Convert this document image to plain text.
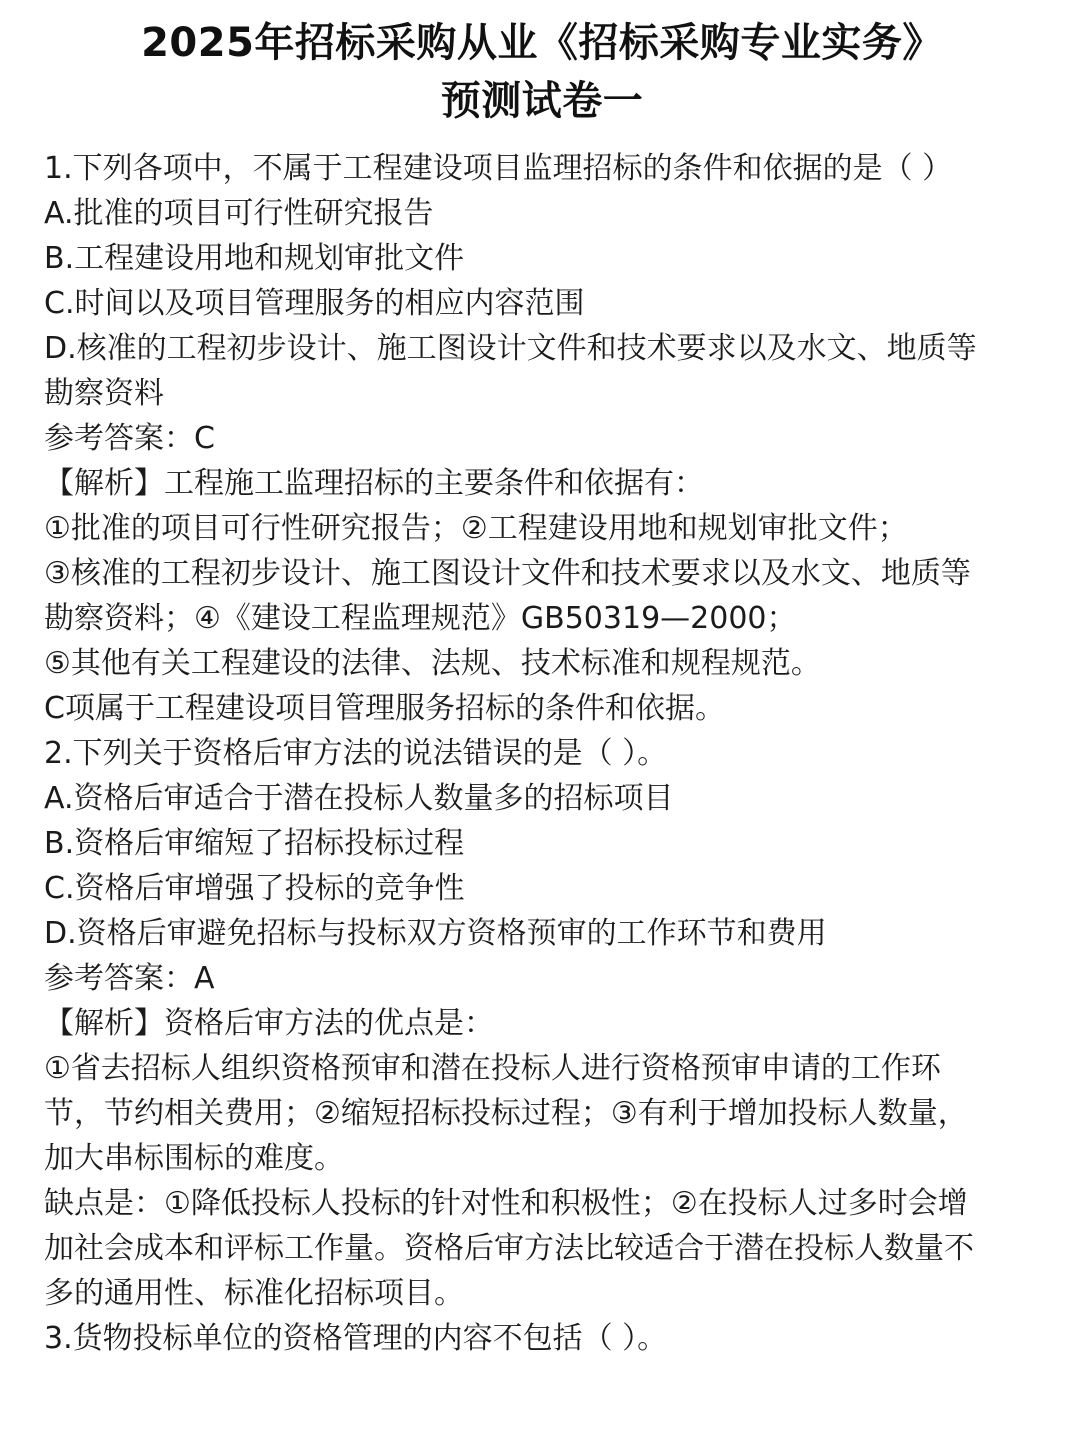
2025年招标采购从业《招标采购专业实务》
预测试卷一
1.下列各项中，不属于工程建设项目监理招标的条件和依据的是（ ）
A.批准的项目可行性研究报告
B.工程建设用地和规划审批文件
C.时间以及项目管理服务的相应内容范围
D.核准的工程初步设计、施工图设计文件和技术要求以及水文、地质等
勘察资料
参考答案：C
【解析】工程施工监理招标的主要条件和依据有：
①批准的项目可行性研究报告；②工程建设用地和规划审批文件；
③核准的工程初步设计、施工图设计文件和技术要求以及水文、地质等
勘察资料；④《建设工程监理规范》GB50319—2000；
⑤其他有关工程建设的法律、法规、技术标准和规程规范。
C项属于工程建设项目管理服务招标的条件和依据。
2.下列关于资格后审方法的说法错误的是（ ）。
A.资格后审适合于潜在投标人数量多的招标项目
B.资格后审缩短了招标投标过程
C.资格后审增强了投标的竞争性
D.资格后审避免招标与投标双方资格预审的工作环节和费用
参考答案：A
【解析】资格后审方法的优点是：
①省去招标人组织资格预审和潜在投标人进行资格预审申请的工作环
节，节约相关费用；②缩短招标投标过程；③有利于增加投标人数量，
加大串标围标的难度。
缺点是：①降低投标人投标的针对性和积极性；②在投标人过多时会增
加社会成本和评标工作量。资格后审方法比较适合于潜在投标人数量不
多的通用性、标准化招标项目。
3.货物投标单位的资格管理的内容不包括（ ）。
